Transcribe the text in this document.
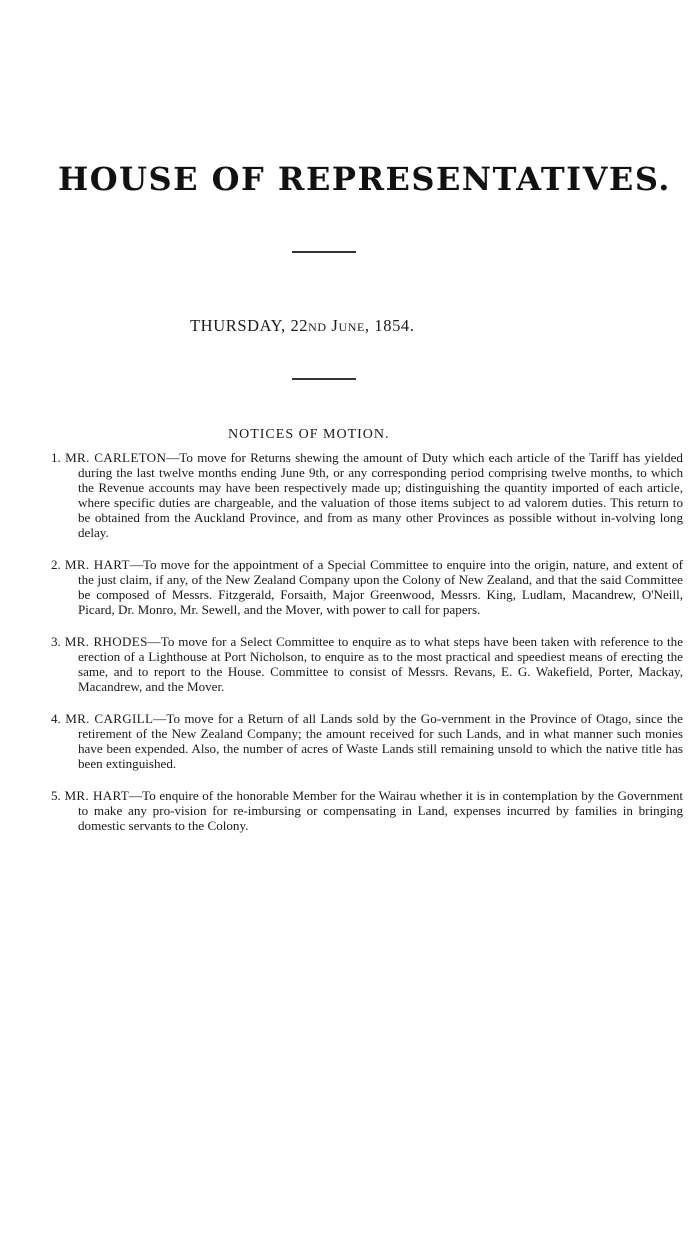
HOUSE OF REPRESENTATIVES.
THURSDAY, 22ND JUNE, 1854.
NOTICES OF MOTION.

1. MR. CARLETON—To move for Returns shewing the amount of Duty which each article of the Tariff has yielded during the last twelve months ending June 9th, or any corresponding period comprising twelve months, to which the Revenue accounts may have been respectively made up; distinguishing the quantity imported of each article, where specific duties are chargeable, and the valuation of those items subject to ad valorem duties. This return to be obtained from the Auckland Province, and from as many other Provinces as possible without in-volving long delay.

2. MR. HART—To move for the appointment of a Special Committee to enquire into the origin, nature, and extent of the just claim, if any, of the New Zealand Company upon the Colony of New Zealand, and that the said Committee be composed of Messrs. Fitzgerald, Forsaith, Major Greenwood, Messrs. King, Ludlam, Macandrew, O'Neill, Picard, Dr. Monro, Mr. Sewell, and the Mover, with power to call for papers.

3. MR. RHODES—To move for a Select Committee to enquire as to what steps have been taken with reference to the erection of a Lighthouse at Port Nicholson, to enquire as to the most practical and speediest means of erecting the same, and to report to the House. Committee to consist of Messrs. Revans, E. G. Wakefield, Porter, Mackay, Macandrew, and the Mover.

4. MR. CARGILL—To move for a Return of all Lands sold by the Go-vernment in the Province of Otago, since the retirement of the New Zealand Company; the amount received for such Lands, and in what manner such monies have been expended. Also, the number of acres of Waste Lands still remaining unsold to which the native title has been extinguished.

5. MR. HART—To enquire of the honorable Member for the Wairau whether it is in contemplation by the Government to make any pro-vision for re-imbursing or compensating in Land, expenses incurred by families in bringing domestic servants to the Colony.
